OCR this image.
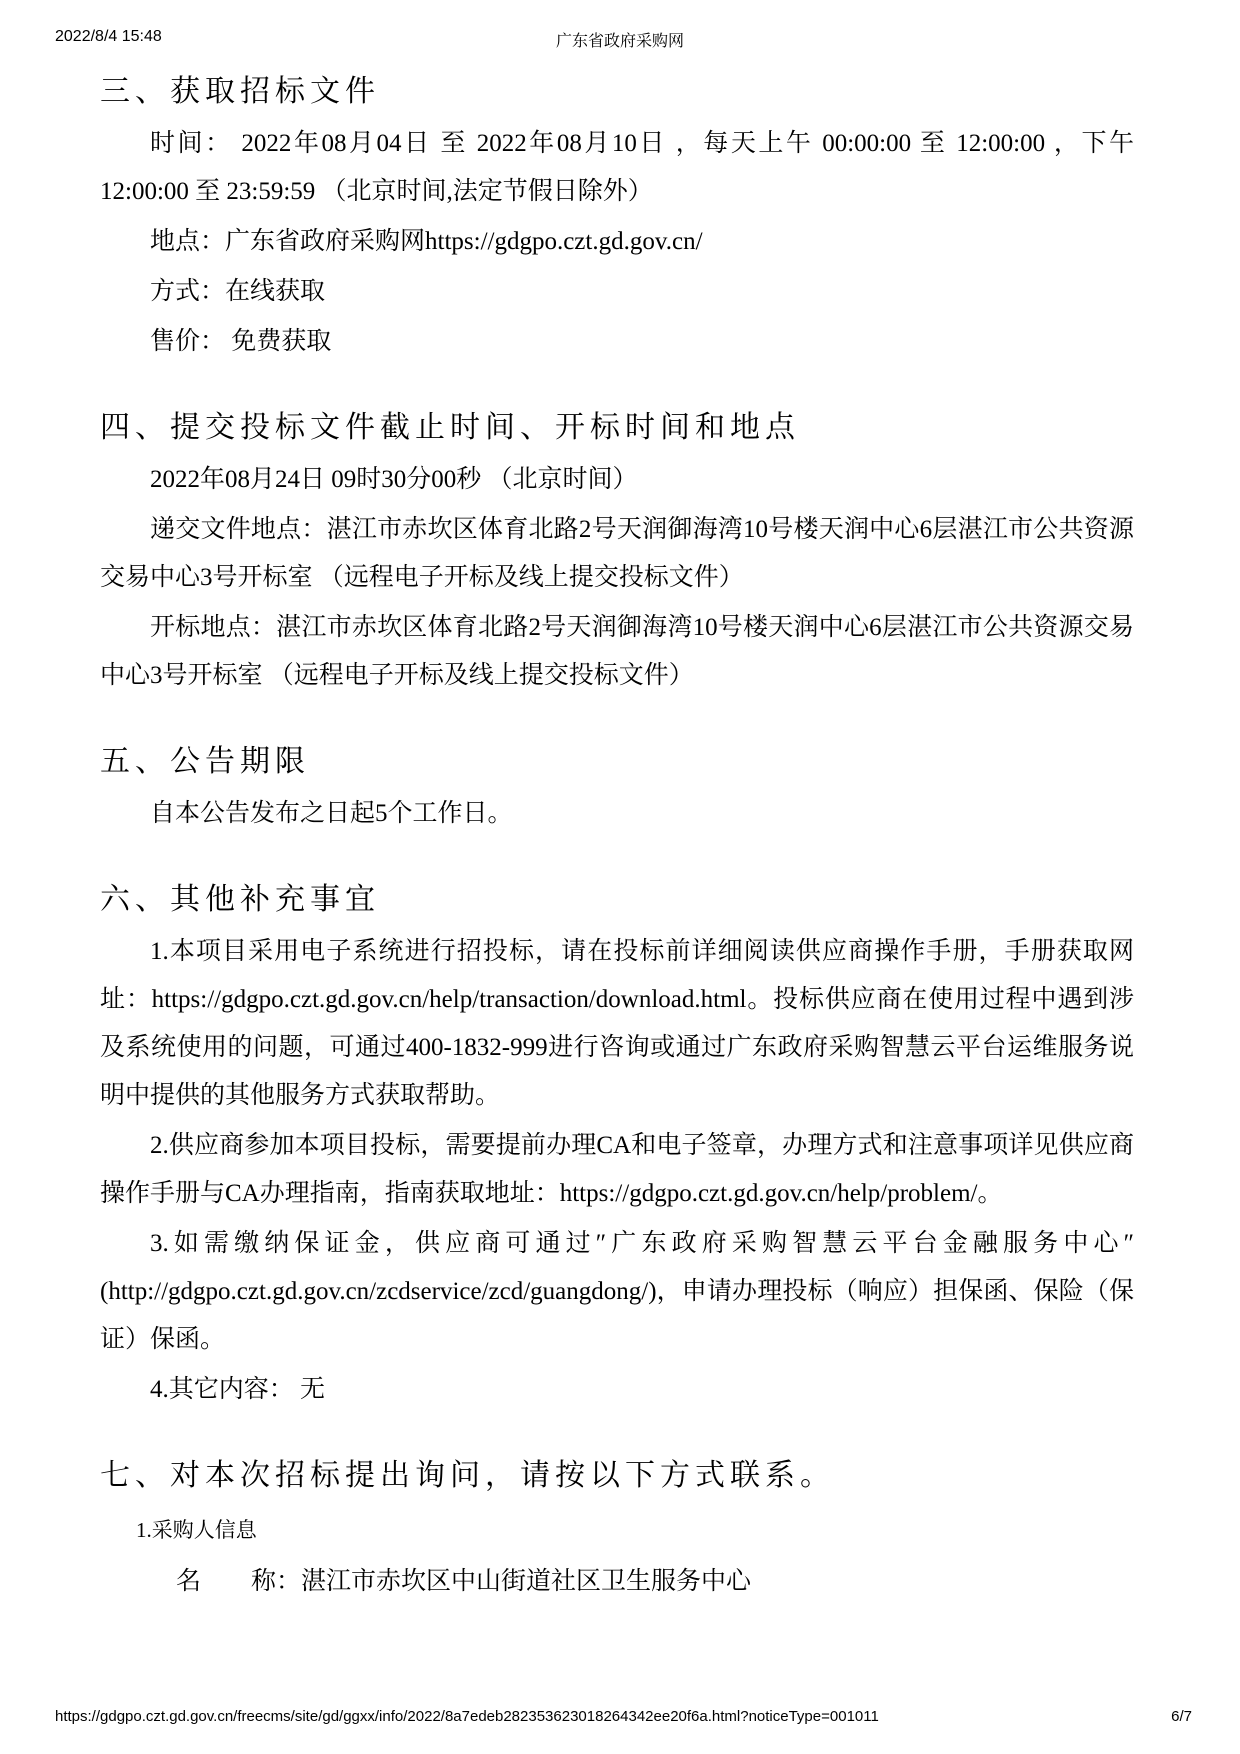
2022/8/4 15:48	广东省政府采购网
三、获取招标文件

时间： 2022年08月04日 至 2022年08月10日 ，每天上午 00:00:00 至 12:00:00 ，下午 12:00:00 至 23:59:59 （北京时间,法定节假日除外）

地点：广东省政府采购网https://gdgpo.czt.gd.gov.cn/

方式：在线获取

售价： 免费获取

四、提交投标文件截止时间、开标时间和地点

2022年08月24日 09时30分00秒 （北京时间）

递交文件地点：湛江市赤坎区体育北路2号天润御海湾10号楼天润中心6层湛江市公共资源交易中心3号开标室 （远程电子开标及线上提交投标文件）

开标地点：湛江市赤坎区体育北路2号天润御海湾10号楼天润中心6层湛江市公共资源交易中心3号开标室 （远程电子开标及线上提交投标文件）

五、公告期限

自本公告发布之日起5个工作日。

六、其他补充事宜

1.本项目采用电子系统进行招投标，请在投标前详细阅读供应商操作手册，手册获取网址：https://gdgpo.czt.gd.gov.cn/help/transaction/download.html。投标供应商在使用过程中遇到涉及系统使用的问题，可通过400-1832-999进行咨询或通过广东政府采购智慧云平台运维服务说明中提供的其他服务方式获取帮助。

2.供应商参加本项目投标，需要提前办理CA和电子签章，办理方式和注意事项详见供应商操作手册与CA办理指南，指南获取地址：https://gdgpo.czt.gd.gov.cn/help/problem/。

3.如需缴纳保证金，供应商可通过″广东政府采购智慧云平台金融服务中心″(http://gdgpo.czt.gd.gov.cn/zcdservice/zcd/guangdong/)，申请办理投标（响应）担保函、保险（保证）保函。

4.其它内容： 无

七、对本次招标提出询问，请按以下方式联系。

1.采购人信息

名　　称：湛江市赤坎区中山街道社区卫生服务中心

https://gdgpo.czt.gd.gov.cn/freecms/site/gd/ggxx/info/2022/8a7edeb282353623018264342ee20f6a.html?noticeType=001011	6/7
